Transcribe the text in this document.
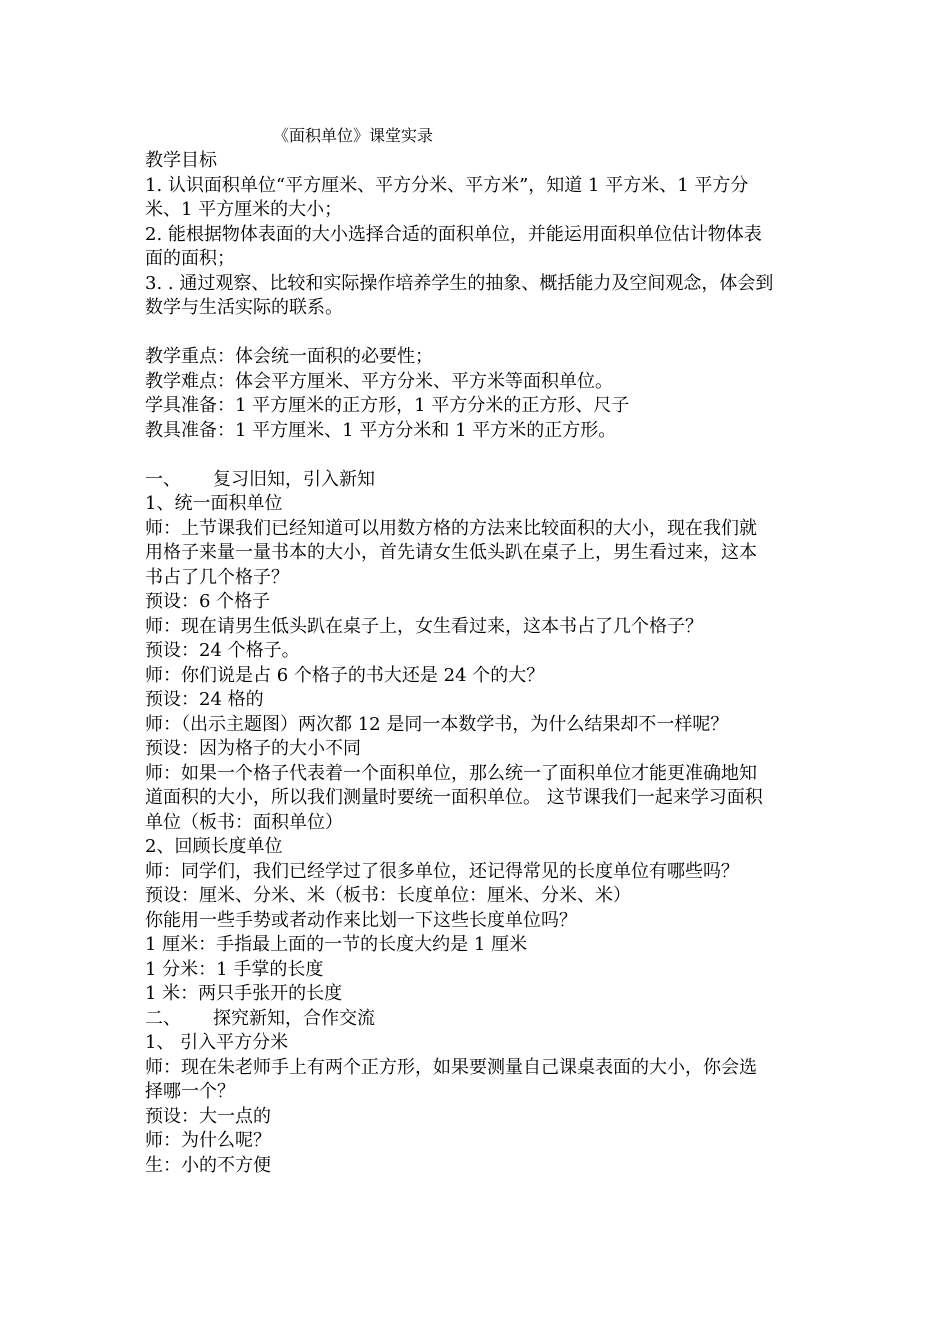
《面积单位》课堂实录
教学目标
1. 认识面积单位“平方厘米、平方分米、平方米”，知道 1 平方米、1 平方分
米、1 平方厘米的大小；
2. 能根据物体表面的大小选择合适的面积单位，并能运用面积单位估计物体表
面的面积；
3. . 通过观察、比较和实际操作培养学生的抽象、概括能力及空间观念，体会到
数学与生活实际的联系。
教学重点：体会统一面积的必要性；
教学难点：体会平方厘米、平方分米、平方米等面积单位。
学具准备：1 平方厘米的正方形，1 平方分米的正方形、尺子
教具准备：1 平方厘米、1 平方分米和 1 平方米的正方形。
一、 复习旧知，引入新知
1、统一面积单位
师：上节课我们已经知道可以用数方格的方法来比较面积的大小，现在我们就
用格子来量一量书本的大小，首先请女生低头趴在桌子上，男生看过来，这本
书占了几个格子？
预设：6 个格子
师：现在请男生低头趴在桌子上，女生看过来，这本书占了几个格子？
预设：24 个格子。
师：你们说是占 6 个格子的书大还是 24 个的大？
预设：24 格的
师：（出示主题图）两次都 12 是同一本数学书，为什么结果却不一样呢？
预设：因为格子的大小不同
师：如果一个格子代表着一个面积单位，那么统一了面积单位才能更准确地知
道面积的大小，所以我们测量时要统一面积单位。 这节课我们一起来学习面积
单位（板书：面积单位）
2、回顾长度单位
师：同学们，我们已经学过了很多单位，还记得常见的长度单位有哪些吗？
预设：厘米、分米、米（板书：长度单位：厘米、分米、米）
你能用一些手势或者动作来比划一下这些长度单位吗？
1 厘米：手指最上面的一节的长度大约是 1 厘米
1 分米：1 手掌的长度
1 米：两只手张开的长度
二、 探究新知，合作交流
1、 引入平方分米
师：现在朱老师手上有两个正方形，如果要测量自己课桌表面的大小，你会选
择哪一个？
预设：大一点的
师：为什么呢？
生：小的不方便
